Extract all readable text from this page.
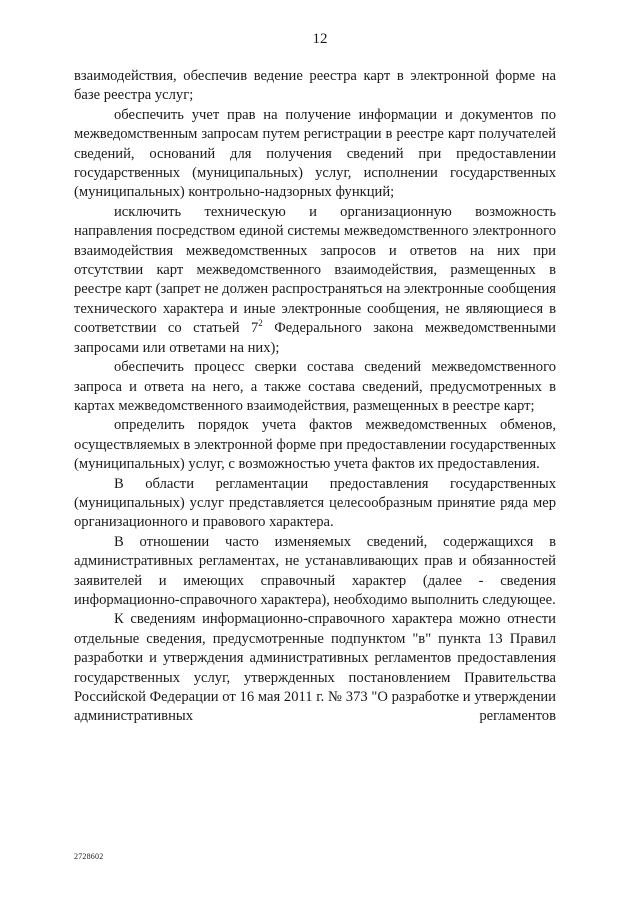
12

взаимодействия, обеспечив ведение реестра карт в электронной форме на базе реестра услуг;

обеспечить учет прав на получение информации и документов по межведомственным запросам путем регистрации в реестре карт получателей сведений, оснований для получения сведений при предоставлении государственных (муниципальных) услуг, исполнении государственных (муниципальных) контрольно-надзорных функций;

исключить техническую и организационную возможность направления посредством единой системы межведомственного электронного взаимодействия межведомственных запросов и ответов на них при отсутствии карт межведомственного взаимодействия, размещенных в реестре карт (запрет не должен распространяться на электронные сообщения технического характера и иные электронные сообщения, не являющиеся в соответствии со статьей $7^2$ Федерального закона межведомственными запросами или ответами на них);

обеспечить процесс сверки состава сведений межведомственного запроса и ответа на него, а также состава сведений, предусмотренных в картах межведомственного взаимодействия, размещенных в реестре карт;

определить порядок учета фактов межведомственных обменов, осуществляемых в электронной форме при предоставлении государственных (муниципальных) услуг, с возможностью учета фактов их предоставления.

В области регламентации предоставления государственных (муниципальных) услуг представляется целесообразным принятие ряда мер организационного и правового характера.

В отношении часто изменяемых сведений, содержащихся в административных регламентах, не устанавливающих прав и обязанностей заявителей и имеющих справочный характер (далее - сведения информационно-справочного характера), необходимо выполнить следующее.

К сведениям информационно-справочного характера можно отнести отдельные сведения, предусмотренные подпунктом "в" пункта 13 Правил разработки и утверждения административных регламентов предоставления государственных услуг, утвержденных постановлением Правительства Российской Федерации от 16 мая 2011 г. № 373 "О разработке и утверждении административных регламентов

2728602
